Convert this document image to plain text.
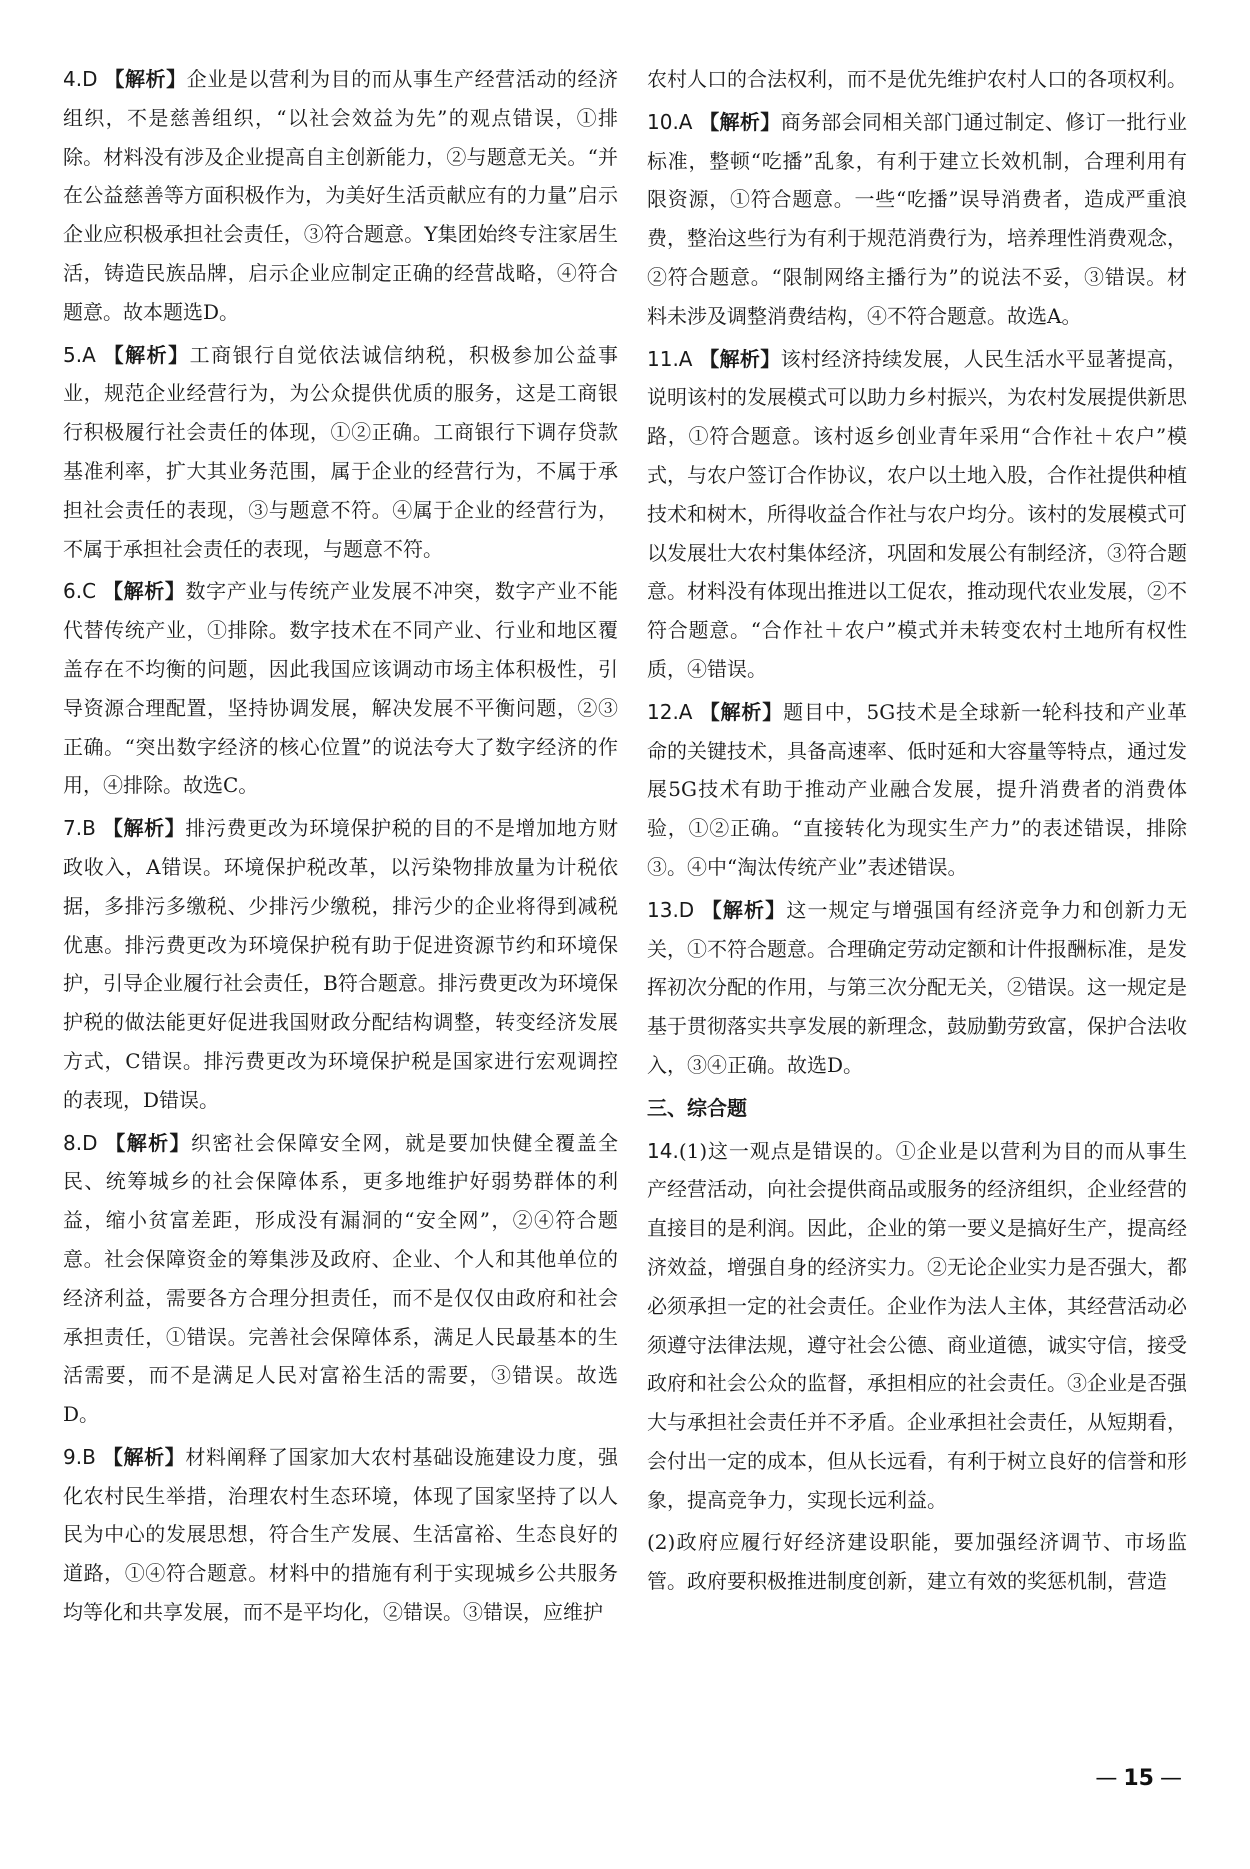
4.D 【解析】企业是以营利为目的而从事生产经营活动的经济组织，不是慈善组织，“以社会效益为先”的观点错误，①排除。材料没有涉及企业提高自主创新能力，②与题意无关。“并在公益慈善等方面积极作为，为美好生活贡献应有的力量”启示企业应积极承担社会责任，③符合题意。Y集团始终专注家居生活，铸造民族品牌，启示企业应制定正确的经营战略，④符合题意。故本题选D。

5.A 【解析】工商银行自觉依法诚信纳税，积极参加公益事业，规范企业经营行为，为公众提供优质的服务，这是工商银行积极履行社会责任的体现，①②正确。工商银行下调存贷款基准利率，扩大其业务范围，属于企业的经营行为，不属于承担社会责任的表现，③与题意不符。④属于企业的经营行为，不属于承担社会责任的表现，与题意不符。

6.C 【解析】数字产业与传统产业发展不冲突，数字产业不能代替传统产业，①排除。数字技术在不同产业、行业和地区覆盖存在不均衡的问题，因此我国应该调动市场主体积极性，引导资源合理配置，坚持协调发展，解决发展不平衡问题，②③正确。“突出数字经济的核心位置”的说法夸大了数字经济的作用，④排除。故选C。

7.B 【解析】排污费更改为环境保护税的目的不是增加地方财政收入，A错误。环境保护税改革，以污染物排放量为计税依据，多排污多缴税、少排污少缴税，排污少的企业将得到减税优惠。排污费更改为环境保护税有助于促进资源节约和环境保护，引导企业履行社会责任，B符合题意。排污费更改为环境保护税的做法能更好促进我国财政分配结构调整，转变经济发展方式，C错误。排污费更改为环境保护税是国家进行宏观调控的表现，D错误。

8.D 【解析】织密社会保障安全网，就是要加快健全覆盖全民、统筹城乡的社会保障体系，更多地维护好弱势群体的利益，缩小贫富差距，形成没有漏洞的“安全网”，②④符合题意。社会保障资金的筹集涉及政府、企业、个人和其他单位的经济利益，需要各方合理分担责任，而不是仅仅由政府和社会承担责任，①错误。完善社会保障体系，满足人民最基本的生活需要，而不是满足人民对富裕生活的需要，③错误。故选D。

9.B 【解析】材料阐释了国家加大农村基础设施建设力度，强化农村民生举措，治理农村生态环境，体现了国家坚持了以人民为中心的发展思想，符合生产发展、生活富裕、生态良好的道路，①④符合题意。材料中的措施有利于实现城乡公共服务均等化和共享发展，而不是平均化，②错误。③错误，应维护

农村人口的合法权利，而不是优先维护农村人口的各项权利。

10.A 【解析】商务部会同相关部门通过制定、修订一批行业标准，整顿“吃播”乱象，有利于建立长效机制，合理利用有限资源，①符合题意。一些“吃播”误导消费者，造成严重浪费，整治这些行为有利于规范消费行为，培养理性消费观念，②符合题意。“限制网络主播行为”的说法不妥，③错误。材料未涉及调整消费结构，④不符合题意。故选A。

11.A 【解析】该村经济持续发展，人民生活水平显著提高，说明该村的发展模式可以助力乡村振兴，为农村发展提供新思路，①符合题意。该村返乡创业青年采用“合作社＋农户”模式，与农户签订合作协议，农户以土地入股，合作社提供种植技术和树木，所得收益合作社与农户均分。该村的发展模式可以发展壮大农村集体经济，巩固和发展公有制经济，③符合题意。材料没有体现出推进以工促农，推动现代农业发展，②不符合题意。“合作社＋农户”模式并未转变农村土地所有权性质，④错误。

12.A 【解析】题目中，5G技术是全球新一轮科技和产业革命的关键技术，具备高速率、低时延和大容量等特点，通过发展5G技术有助于推动产业融合发展，提升消费者的消费体验，①②正确。“直接转化为现实生产力”的表述错误，排除③。④中“淘汰传统产业”表述错误。

13.D 【解析】这一规定与增强国有经济竞争力和创新力无关，①不符合题意。合理确定劳动定额和计件报酬标准，是发挥初次分配的作用，与第三次分配无关，②错误。这一规定是基于贯彻落实共享发展的新理念，鼓励勤劳致富，保护合法收入，③④正确。故选D。

三、综合题

14.(1)这一观点是错误的。①企业是以营利为目的而从事生产经营活动，向社会提供商品或服务的经济组织，企业经营的直接目的是利润。因此，企业的第一要义是搞好生产，提高经济效益，增强自身的经济实力。②无论企业实力是否强大，都必须承担一定的社会责任。企业作为法人主体，其经营活动必须遵守法律法规，遵守社会公德、商业道德，诚实守信，接受政府和社会公众的监督，承担相应的社会责任。③企业是否强大与承担社会责任并不矛盾。企业承担社会责任，从短期看，会付出一定的成本，但从长远看，有利于树立良好的信誉和形象，提高竞争力，实现长远利益。

(2)政府应履行好经济建设职能，要加强经济调节、市场监管。政府要积极推进制度创新，建立有效的奖惩机制，营造

— 15 —
